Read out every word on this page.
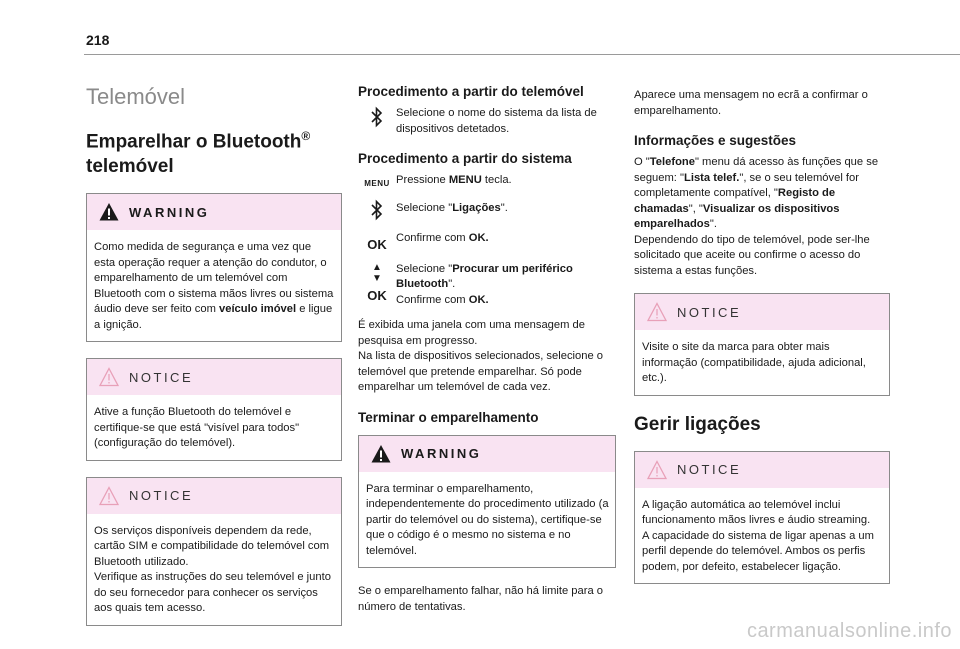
218
Telemóvel
Emparelhar o Bluetooth®
telemóvel
WARNING

Como medida de segurança e uma vez que esta operação requer a atenção do condutor, o emparelhamento de um telemóvel com Bluetooth com o sistema mãos livres ou sistema áudio deve ser feito com veículo imóvel e ligue a ignição.

NOTICE

Ative a função Bluetooth do telemóvel e certifique-se que está "visível para todos" (configuração do telemóvel).

NOTICE

Os serviços disponíveis dependem da rede, cartão SIM e compatibilidade do telemóvel com Bluetooth utilizado.

Verifique as instruções do seu telemóvel e junto do seu fornecedor para conhecer os serviços aos quais tem acesso.

Procedimento a partir do telemóvel

Selecione o nome do sistema da lista de dispositivos detetados.

Procedimento a partir do sistema
MENU Pressione MENU tecla.

Selecione "Ligações".

OK Confirme com OK.

▲
▼
OK

Selecione "Procurar um periférico Bluetooth".

Confirme com OK.

É exibida uma janela com uma mensagem de pesquisa em progresso.

Na lista de dispositivos selecionados, selecione o telemóvel que pretende emparelhar. Só pode emparelhar um telemóvel de cada vez.

Terminar o emparelhamento
WARNING

Para terminar o emparelhamento, independentemente do procedimento utilizado (a partir do telemóvel ou do sistema), certifique-se que o código é o mesmo no sistema e no telemóvel.

Se o emparelhamento falhar, não há limite para o número de tentativas.

Aparece uma mensagem no ecrã a confirmar o emparelhamento.

Informações e sugestões

O "Telefone" menu dá acesso às funções que se seguem: "Lista telef.", se o seu telemóvel for completamente compatível, "Registo de chamadas", "Visualizar os dispositivos emparelhados".

Dependendo do tipo de telemóvel, pode ser-lhe solicitado que aceite ou confirme o acesso do sistema a estas funções.

NOTICE

Visite o site da marca para obter mais informação (compatibilidade, ajuda adicional, etc.).

Gerir ligações
NOTICE

A ligação automática ao telemóvel inclui funcionamento mãos livres e áudio streaming.

A capacidade do sistema de ligar apenas a um perfil depende do telemóvel. Ambos os perfis podem, por defeito, estabelecer ligação.

carmanualsonline.info
